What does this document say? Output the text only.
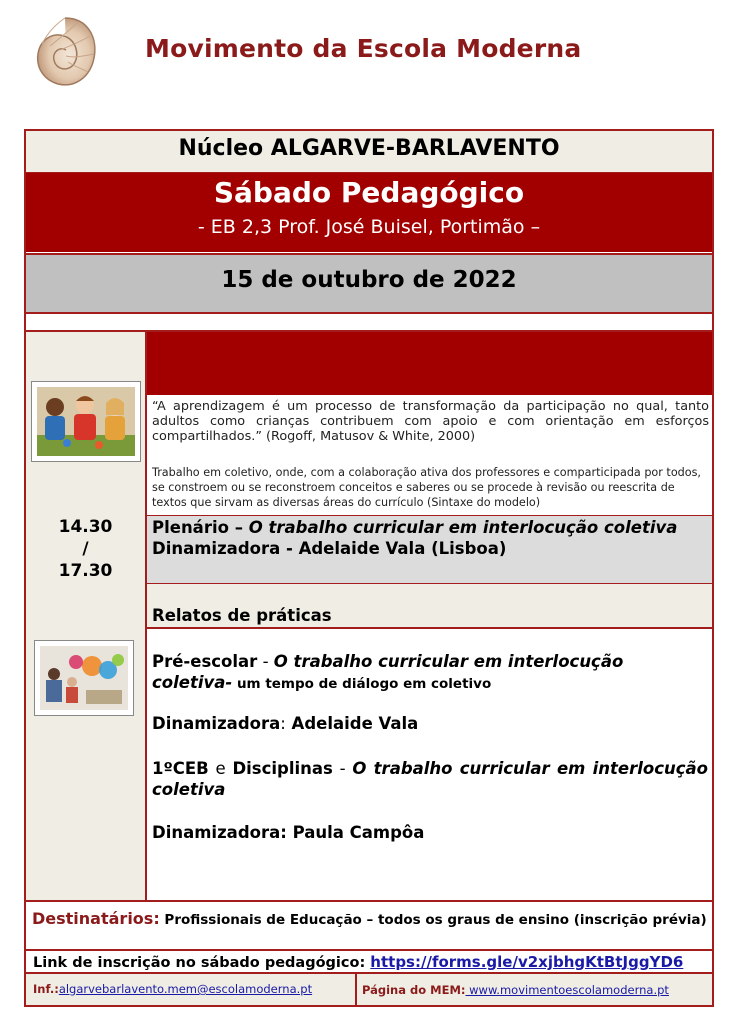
Movimento da Escola Moderna
Núcleo ALGARVE-BARLAVENTO
Sábado Pedagógico
- EB 2,3 Prof. José Buisel, Portimão –
15 de outubro de 2022
14.30
/
17.30
“A aprendizagem é um processo de transformação da participação no qual, tanto adultos como crianças contribuem com apoio e com orientação em esforços compartilhados.” (Rogoff, Matusov & White, 2000)
Trabalho em coletivo, onde, com a colaboração ativa dos professores e comparticipada por todos, se constroem ou se reconstroem conceitos e saberes ou se procede à revisão ou reescrita de textos que sirvam as diversas áreas do currículo (Sintaxe do modelo)
Plenário – O trabalho curricular em interlocução coletiva
Dinamizadora - Adelaide Vala (Lisboa)
Relatos de práticas
Pré-escolar - O trabalho curricular em interlocução coletiva- um tempo de diálogo em coletivo
Dinamizadora: Adelaide Vala
1ºCEB e Disciplinas - O trabalho curricular em interlocução coletiva
Dinamizadora: Paula Campôa
Destinatários: Profissionais de Educação – todos os graus de ensino (inscrição prévia)
Link de inscrição no sábado pedagógico: https://forms.gle/v2xjbhgKtBtJggYD6
Inf.:algarvebarlavento.mem@escolamoderna.pt	Página do MEM: www.movimentoescolamoderna.pt
